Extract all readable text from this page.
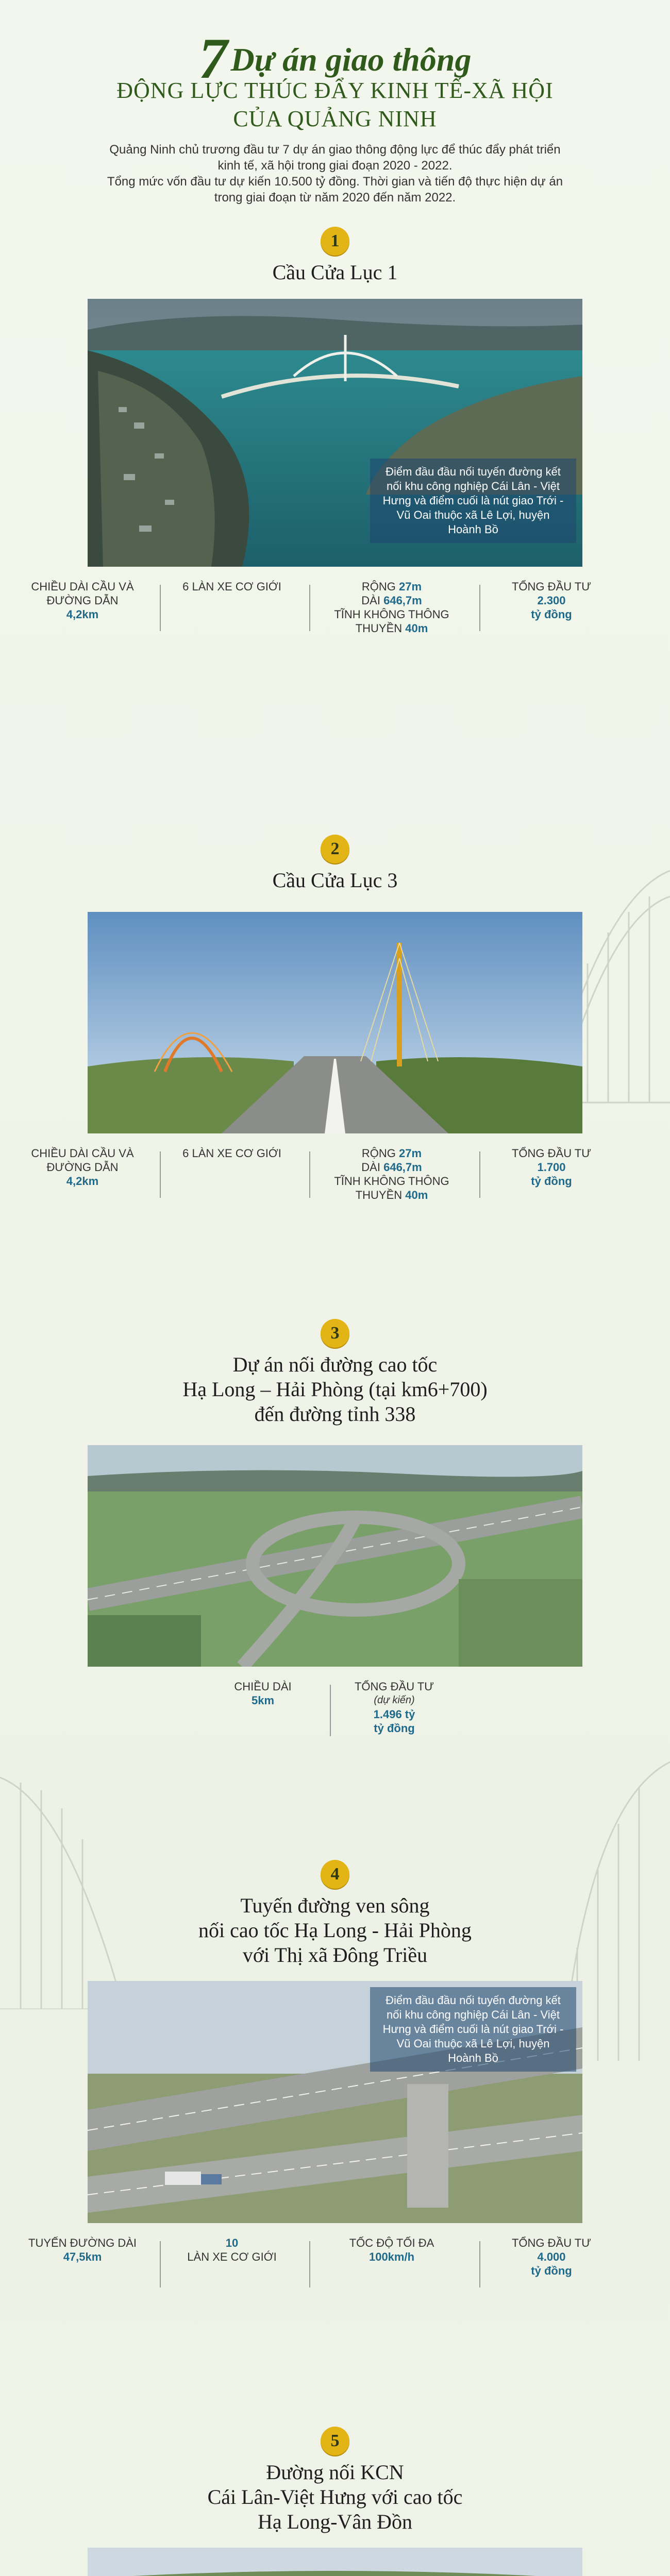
7Dự án giao thông
ĐỘNG LỰC THÚC ĐẨY KINH TẾ-XÃ HỘI
CỦA QUẢNG NINH

Quảng Ninh chủ trương đầu tư 7 dự án giao thông động lực để thúc đẩy phát triển kinh tế, xã hội trong giai đoạn 2020 - 2022.

Tổng mức vốn đầu tư dự kiến 10.500 tỷ đồng. Thời gian và tiến độ thực hiện dự án trong giai đoạn từ năm 2020 đến năm 2022.

1
Cầu Cửa Lục 1
Điểm đầu đầu nối tuyến đường kết nối khu công nghiệp Cái Lân - Việt Hưng và điểm cuối là nút giao Trới - Vũ Oai thuộc xã Lê Lợi, huyện Hoành Bồ
CHIỀU DÀI CẦU VÀ ĐƯỜNG DẪN
4,2km
6 LÀN XE CƠ GIỚI	RỘNG 27m
DÀI 646,7m
TĨNH KHÔNG THÔNG THUYỀN 40m
TỔNG ĐẦU TƯ
2.300
tỷ đồng
2
Cầu Cửa Lục 3
CHIỀU DÀI CẦU VÀ ĐƯỜNG DẪN
4,2km
6 LÀN XE CƠ GIỚI	RỘNG 27m
DÀI 646,7m
TĨNH KHÔNG THÔNG THUYỀN 40m
TỔNG ĐẦU TƯ
1.700
tỷ đồng
3
Dự án nối đường cao tốc
Hạ Long – Hải Phòng (tại km6+700)
đến đường tỉnh 338
CHIỀU DÀI
5km
TỔNG ĐẦU TƯ
(dự kiến)
1.496 tỷ
tỷ đồng
4
Tuyến đường ven sông
nối cao tốc Hạ Long - Hải Phòng
với Thị xã Đông Triều
Điểm đầu đầu nối tuyến đường kết nối khu công nghiệp Cái Lân - Việt Hưng và điểm cuối là nút giao Trới - Vũ Oai thuộc xã Lê Lợi, huyện Hoành Bồ
TUYẾN ĐƯỜNG DÀI
47,5km
10
LÀN XE CƠ GIỚI
TỐC ĐỘ TỐI ĐA
100km/h
TỔNG ĐẦU TƯ
4.000
tỷ đồng
5
Đường nối KCN
Cái Lân-Việt Hưng với cao tốc
Hạ Long-Vân Đồn
